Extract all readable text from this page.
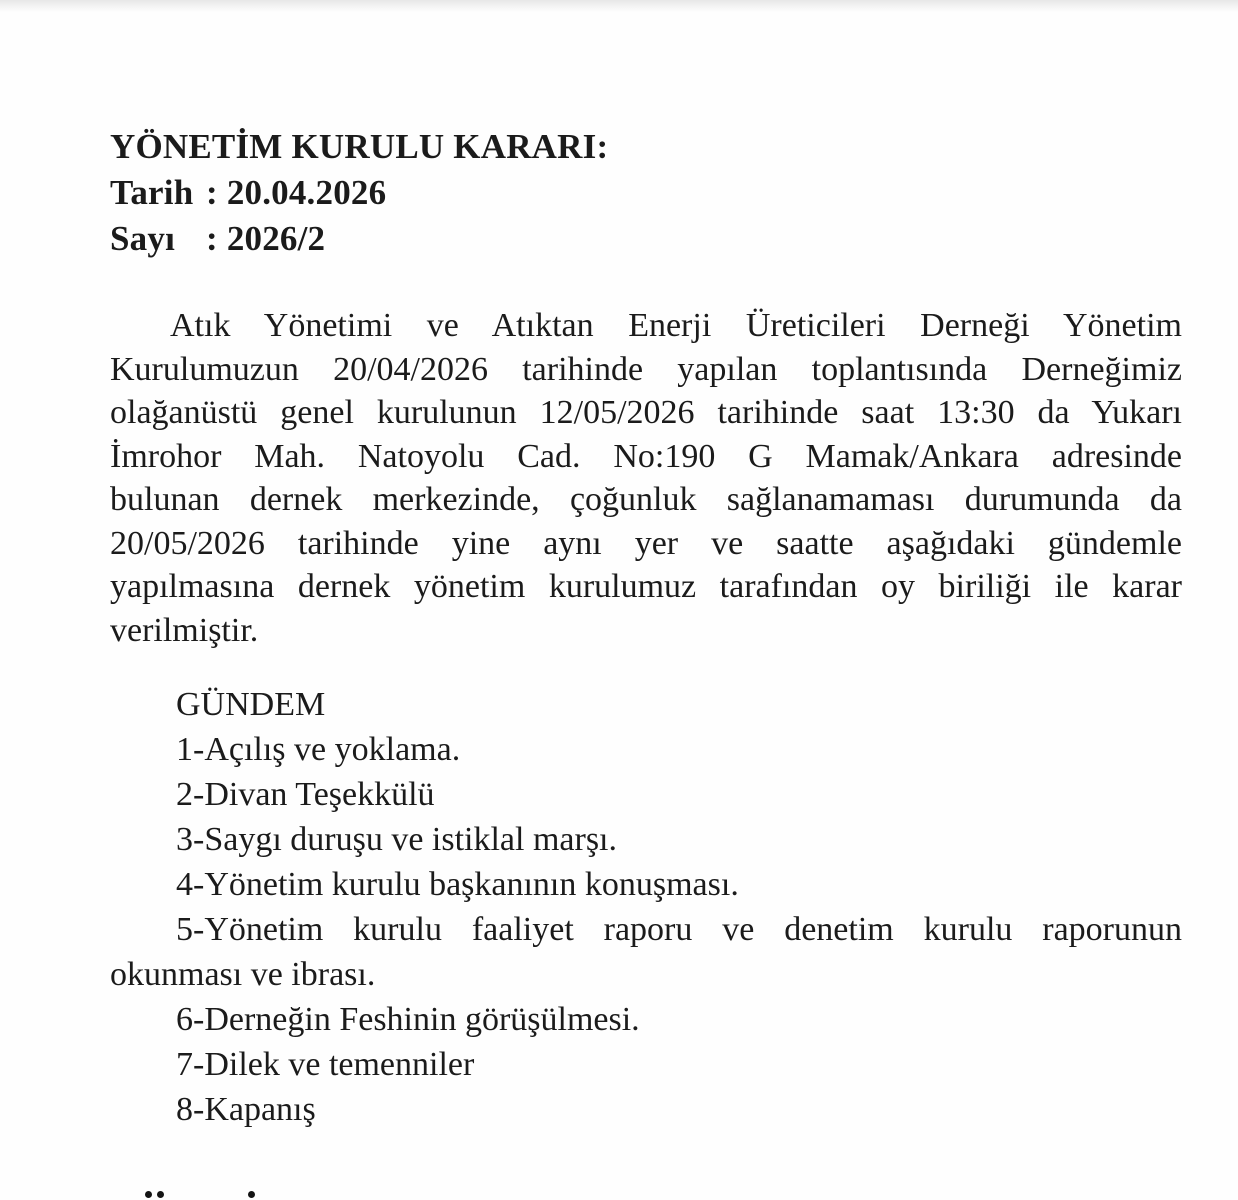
YÖNETİM KURULU KARARI:
Tarih : 20.04.2026
Sayı : 2026/2
Atık Yönetimi ve Atıktan Enerji Üreticileri Derneği Yönetim
Kurulumuzun 20/04/2026 tarihinde yapılan toplantısında Derneğimiz
olağanüstü genel kurulunun 12/05/2026 tarihinde saat 13:30 da Yukarı
İmrohor Mah. Natoyolu Cad. No:190 G Mamak/Ankara adresinde
bulunan dernek merkezinde, çoğunluk sağlanamaması durumunda da
20/05/2026 tarihinde yine aynı yer ve saatte aşağıdaki gündemle
yapılmasına dernek yönetim kurulumuz tarafından oy biriliği ile karar
verilmiştir.
GÜNDEM
1-Açılış ve yoklama.
2-Divan Teşekkülü
3-Saygı duruşu ve istiklal marşı.
4-Yönetim kurulu başkanının konuşması.
5-Yönetim kurulu faaliyet raporu ve denetim kurulu raporunun
okunması ve ibrası.
6-Derneğin Feshinin görüşülmesi.
7-Dilek ve temenniler
8-Kapanış
